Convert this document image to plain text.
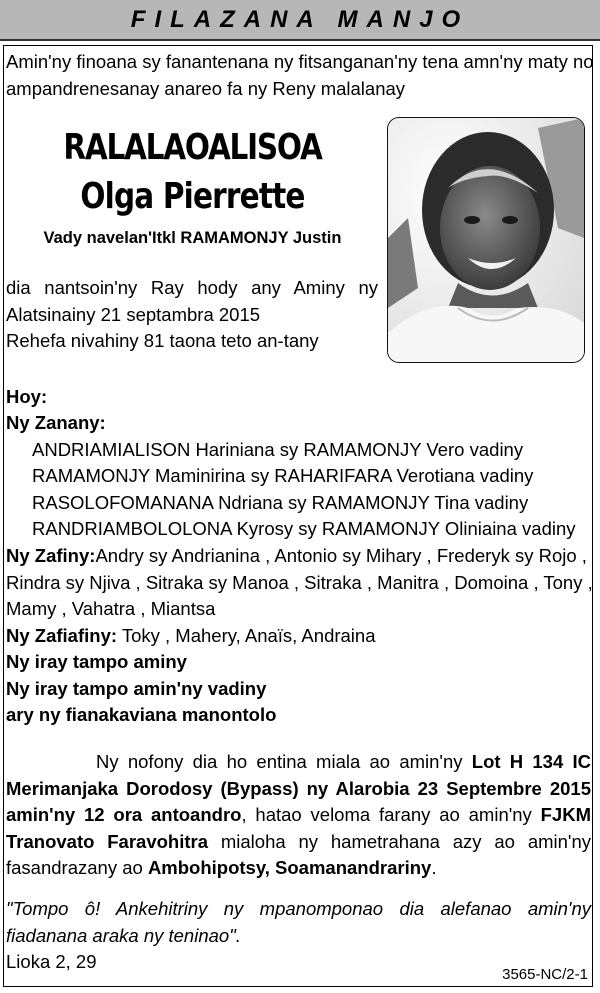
FILAZANA MANJO
Amin'ny finoana sy fanantenana ny fitsanganan'ny tena amn'ny maty no
ampandrenesanay anareo fa ny Reny malalanay
RALALAOALISOA
Olga Pierrette
Vady navelan'Itkl RAMAMONJY Justin
dia nantsoin'ny Ray hody any Aminy ny
Alatsinainy 21 septambra 2015
Rehefa nivahiny 81 taona teto an-tany
Hoy:
Ny Zanany:
ANDRIAMIALISON Hariniana sy RAMAMONJY Vero vadiny
RAMAMONJY Maminirina sy RAHARIFARA Verotiana vadiny
RASOLOFOMANANA Ndriana sy RAMAMONJY Tina vadiny
RANDRIAMBOLOLONA Kyrosy sy RAMAMONJY Oliniaina vadiny
Ny Zafiny:Andry sy Andrianina , Antonio sy Mihary , Frederyk sy Rojo ,
Rindra sy Njiva , Sitraka sy Manoa , Sitraka , Manitra , Domoina , Tony ,
Mamy , Vahatra , Miantsa
Ny Zafiafiny: Toky , Mahery, Anaïs, Andraina
Ny iray tampo aminy
Ny iray tampo amin'ny vadiny
ary ny fianakaviana manontolo
Ny nofony dia ho entina miala ao amin'ny Lot H 134 IC Merimanjaka Dorodosy (Bypass) ny Alarobia 23 Septembre 2015 amin'ny 12 ora antoandro, hatao veloma farany ao amin'ny FJKM Tranovato Faravohitra mialoha ny hametrahana azy ao amin'ny fasandrazany ao Ambohipotsy, Soamanandrariny.
"Tompo ô! Ankehitriny ny mpanomponao dia alefanao amin'ny fiadanana araka ny teninao".
Lioka 2, 29
3565-NC/2-1
